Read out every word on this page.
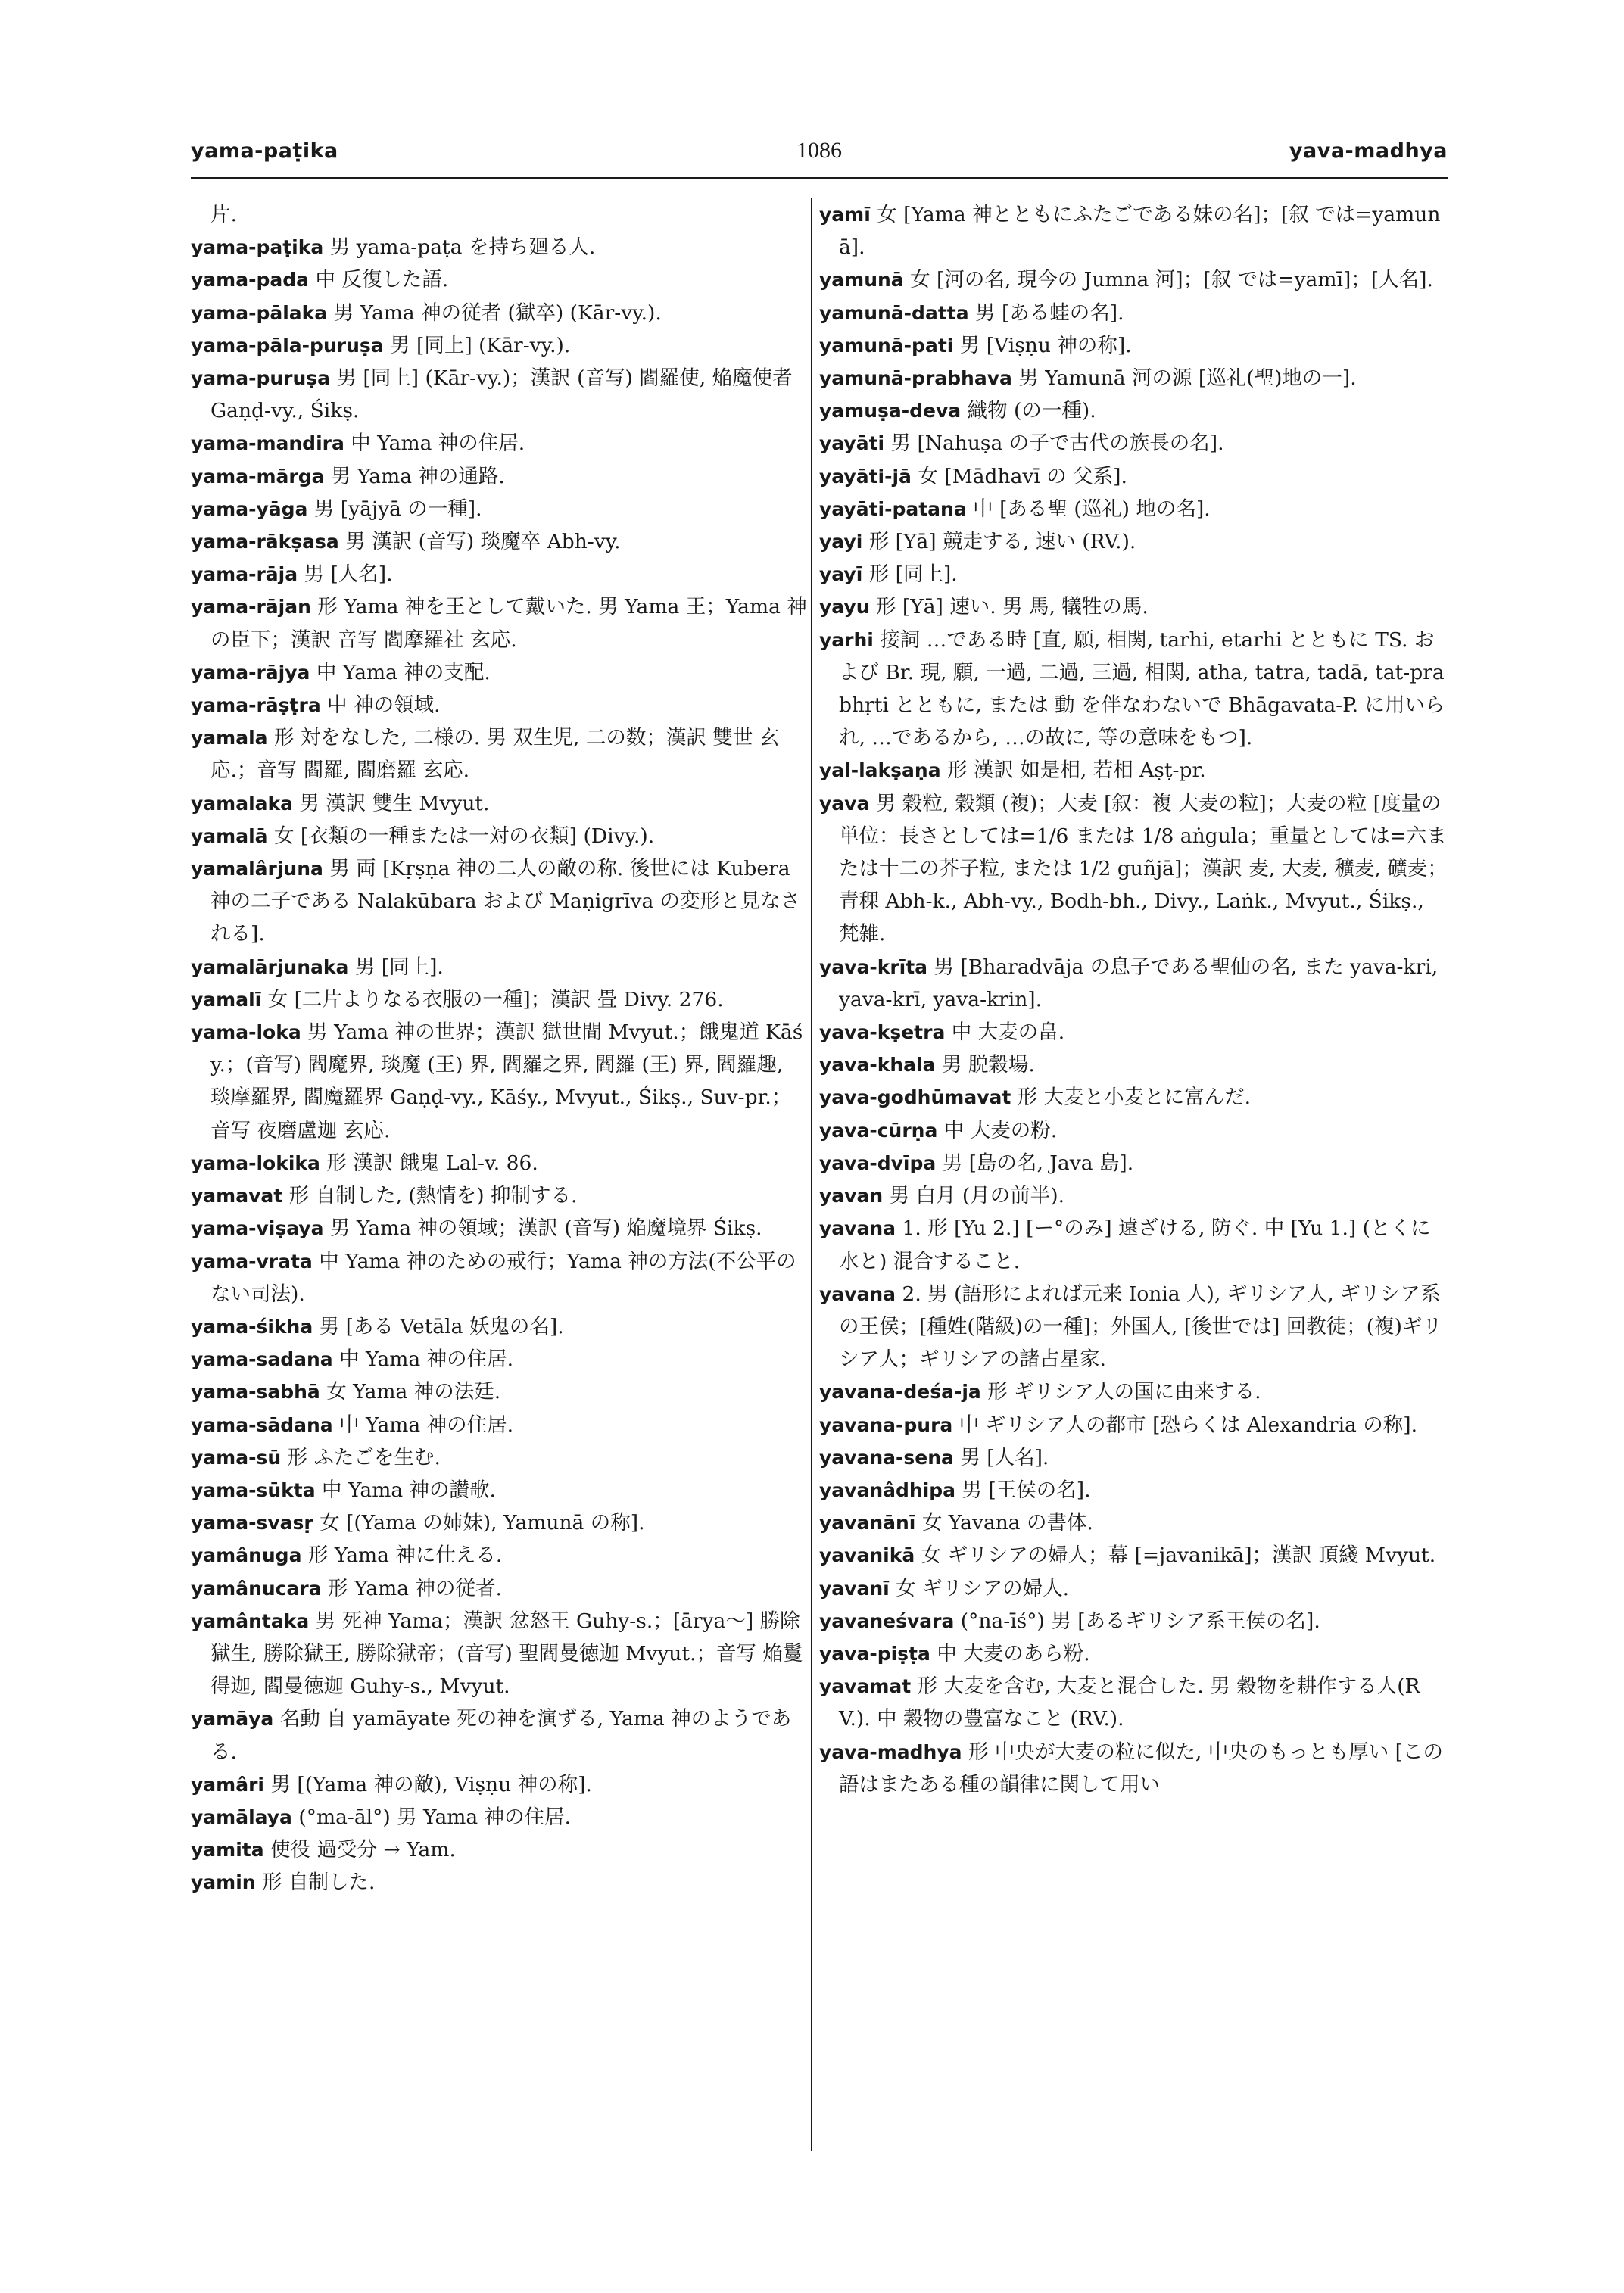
yama-paṭika	1086	yava-madhya

片.

yama-paṭika 男 yama-paṭa を持ち廻る人.

yama-pada 中 反復した語.

yama-pālaka 男 Yama 神の従者 (獄卒) (Kār-vy.).

yama-pāla-puruṣa 男 [同上] (Kār-vy.).

yama-puruṣa 男 [同上] (Kār-vy.)；漢訳 (音写) 閻羅使, 焔魔使者 Gaṇḍ-vy., Śikṣ.

yama-mandira 中 Yama 神の住居.

yama-mārga 男 Yama 神の通路.

yama-yāga 男 [yājyā の一種].

yama-rākṣasa 男 漢訳 (音写) 琰魔卒 Abh-vy.

yama-rāja 男 [人名].

yama-rājan 形 Yama 神を王として戴いた. 男 Yama 王；Yama 神の臣下；漢訳 音写 閻摩羅社 玄応.

yama-rājya 中 Yama 神の支配.

yama-rāṣṭra 中 神の領域.

yamala 形 対をなした, 二様の. 男 双生児, 二の数；漢訳 雙世 玄応.；音写 閻羅, 閻磨羅 玄応.

yamalaka 男 漢訳 雙生 Mvyut.

yamalā 女 [衣類の一種または一対の衣類] (Divy.).

yamalârjuna 男 両 [Kṛṣṇa 神の二人の敵の称. 後世には Kubera 神の二子である Nalakūbara および Maṇigrīva の変形と見なされる].

yamalārjunaka 男 [同上].

yamalī 女 [二片よりなる衣服の一種]；漢訳 畳 Divy. 276.

yama-loka 男 Yama 神の世界；漢訳 獄世間 Mvyut.；餓鬼道 Kāśy.；(音写) 閻魔界, 琰魔 (王) 界, 閻羅之界, 閻羅 (王) 界, 閻羅趣, 琰摩羅界, 閻魔羅界 Gaṇḍ-vy., Kāśy., Mvyut., Śikṣ., Suv-pr.；音写 夜磨盧迦 玄応.

yama-lokika 形 漢訳 餓鬼 Lal-v. 86.

yamavat 形 自制した, (熱情を) 抑制する.

yama-viṣaya 男 Yama 神の領域；漢訳 (音写) 焔魔境界 Śikṣ.

yama-vrata 中 Yama 神のための戒行；Yama 神の方法(不公平のない司法).

yama-śikha 男 [ある Vetāla 妖鬼の名].

yama-sadana 中 Yama 神の住居.

yama-sabhā 女 Yama 神の法廷.

yama-sādana 中 Yama 神の住居.

yama-sū 形 ふたごを生む.

yama-sūkta 中 Yama 神の讃歌.

yama-svasṛ 女 [(Yama の姉妹), Yamunā の称].

yamânuga 形 Yama 神に仕える.

yamânucara 形 Yama 神の従者.

yamântaka 男 死神 Yama；漢訳 忿怒王 Guhy-s.；[ārya～] 勝除獄生, 勝除獄王, 勝除獄帝；(音写) 聖閻曼徳迦 Mvyut.；音写 焔鬘得迦, 閻曼徳迦 Guhy-s., Mvyut.

yamāya 名動 自 yamāyate 死の神を演ずる, Yama 神のようである.

yamâri 男 [(Yama 神の敵), Viṣṇu 神の称].

yamālaya (°ma-āl°) 男 Yama 神の住居.

yamita 使役 過受分 → Yam.

yamin 形 自制した.

yamī 女 [Yama 神とともにふたごである妹の名]；[叙 では=yamunā].

yamunā 女 [河の名, 現今の Jumna 河]；[叙 では=yamī]；[人名].

yamunā-datta 男 [ある蛙の名].

yamunā-pati 男 [Viṣṇu 神の称].

yamunā-prabhava 男 Yamunā 河の源 [巡礼(聖)地の一].

yamuṣa-deva 織物 (の一種).

yayāti 男 [Nahuṣa の子で古代の族長の名].

yayāti-jā 女 [Mādhavī の 父系].

yayāti-patana 中 [ある聖 (巡礼) 地の名].

yayi 形 [Yā] 競走する, 速い (RV.).

yayī 形 [同上].

yayu 形 [Yā] 速い. 男 馬, 犠牲の馬.

yarhi 接詞 …である時 [直, 願, 相関, tarhi, etarhi とともに TS. および Br. 現, 願, 一過, 二過, 三過, 相関, atha, tatra, tadā, tat-prabhṛti とともに, または 動 を伴なわないで Bhāgavata-P. に用いられ, …であるから, …の故に, 等の意味をもつ].

yal-lakṣaṇa 形 漢訳 如是相, 若相 Aṣṭ-pr.

yava 男 穀粒, 穀類 (複)；大麦 [叙：複 大麦の粒]；大麦の粒 [度量の単位：長さとしては=1/6 または 1/8 aṅgula；重量としては=六または十二の芥子粒, または 1/2 guñjā]；漢訳 麦, 大麦, 穬麦, 礦麦；青稞 Abh-k., Abh-vy., Bodh-bh., Divy., Laṅk., Mvyut., Śikṣ., 梵雑.

yava-krīta 男 [Bharadvāja の息子である聖仙の名, また yava-kri, yava-krī, yava-krin].

yava-kṣetra 中 大麦の畠.

yava-khala 男 脱穀場.

yava-godhūmavat 形 大麦と小麦とに富んだ.

yava-cūrṇa 中 大麦の粉.

yava-dvīpa 男 [島の名, Java 島].

yavan 男 白月 (月の前半).

yavana 1. 形 [Yu 2.] [ー°のみ] 遠ざける, 防ぐ. 中 [Yu 1.] (とくに水と) 混合すること.

yavana 2. 男 (語形によれば元来 Ionia 人), ギリシア人, ギリシア系の王侯；[種姓(階級)の一種]；外国人, [後世では] 回教徒；(複)ギリシア人；ギリシアの諸占星家.

yavana-deśa-ja 形 ギリシア人の国に由来する.

yavana-pura 中 ギリシア人の都市 [恐らくは Alexandria の称].

yavana-sena 男 [人名].

yavanâdhipa 男 [王侯の名].

yavanānī 女 Yavana の書体.

yavanikā 女 ギリシアの婦人；幕 [=javanikā]；漢訳 頂綫 Mvyut.

yavanī 女 ギリシアの婦人.

yavaneśvara (°na-īś°) 男 [あるギリシア系王侯の名].

yava-piṣṭa 中 大麦のあら粉.

yavamat 形 大麦を含む, 大麦と混合した. 男 穀物を耕作する人(RV.). 中 穀物の豊富なこと (RV.).

yava-madhya 形 中央が大麦の粒に似た, 中央のもっとも厚い [この語はまたある種の韻律に関して用い
